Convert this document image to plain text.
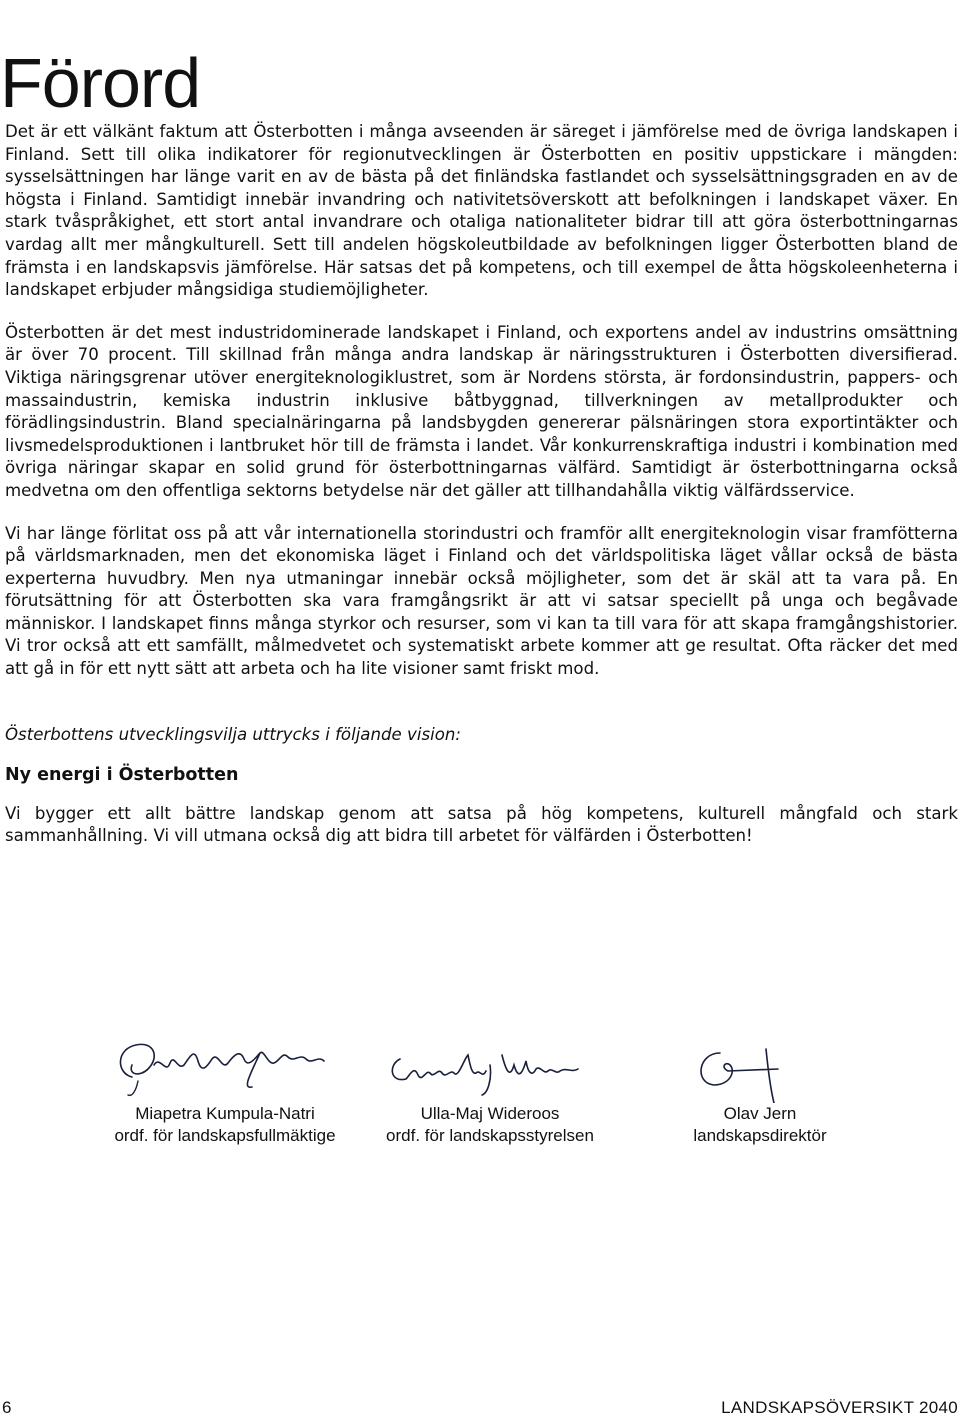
Förord

Det är ett välkänt faktum att Österbotten i många avseenden är säreget i jämförelse med de övriga landskapen i Finland. Sett till olika indikatorer för regionutvecklingen är Österbotten en positiv uppstickare i mängden: sysselsättningen har länge varit en av de bästa på det finländska fastlandet och sysselsättningsgraden en av de högsta i Finland. Samtidigt innebär invandring och nativitetsöverskott att befolkningen i landskapet växer. En stark tvåspråkighet, ett stort antal invandrare och otaliga nationaliteter bidrar till att göra österbottningarnas vardag allt mer mångkulturell. Sett till andelen högskoleutbildade av befolkningen ligger Österbotten bland de främsta i en landskapsvis jämförelse. Här satsas det på kompetens, och till exempel de åtta högskoleenheterna i landskapet erbjuder mångsidiga studiemöjligheter.

Österbotten är det mest industridominerade landskapet i Finland, och exportens andel av industrins omsättning är över 70 procent. Till skillnad från många andra landskap är näringsstrukturen i Österbotten diversifierad. Viktiga näringsgrenar utöver energiteknologiklustret, som är Nordens största, är fordonsindustrin, pappers- och massaindustrin, kemiska industrin inklusive båtbyggnad, tillverkningen av metallprodukter och förädlingsindustrin. Bland specialnäringarna på landsbygden genererar pälsnäringen stora exportintäkter och livsmedelsproduktionen i lantbruket hör till de främsta i landet. Vår konkurrenskraftiga industri i kombination med övriga näringar skapar en solid grund för österbottningarnas välfärd. Samtidigt är österbottningarna också medvetna om den offentliga sektorns betydelse när det gäller att tillhandahålla viktig välfärdsservice.

Vi har länge förlitat oss på att vår internationella storindustri och framför allt energiteknologin visar framfötterna på världsmarknaden, men det ekonomiska läget i Finland och det världspolitiska läget vållar också de bästa experterna huvudbry. Men nya utmaningar innebär också möjligheter, som det är skäl att ta vara på. En förutsättning för att Österbotten ska vara framgångsrikt är att vi satsar speciellt på unga och begåvade människor. I landskapet finns många styrkor och resurser, som vi kan ta till vara för att skapa framgångshistorier. Vi tror också att ett samfällt, målmedvetet och systematiskt arbete kommer att ge resultat. Ofta räcker det med att gå in för ett nytt sätt att arbeta och ha lite visioner samt friskt mod.

Österbottens utvecklingsvilja uttrycks i följande vision:

Ny energi i Österbotten

Vi bygger ett allt bättre landskap genom att satsa på hög kompetens, kulturell mångfald och stark sammanhållning. Vi vill utmana också dig att bidra till arbetet för välfärden i Österbotten!

Miapetra Kumpula-Natri
ordf. för landskapsfullmäktige
Ulla-Maj Wideroos
ordf. för landskapsstyrelsen
Olav Jern
landskapsdirektör
6	LANDSKAPSÖVERSIKT 2040
